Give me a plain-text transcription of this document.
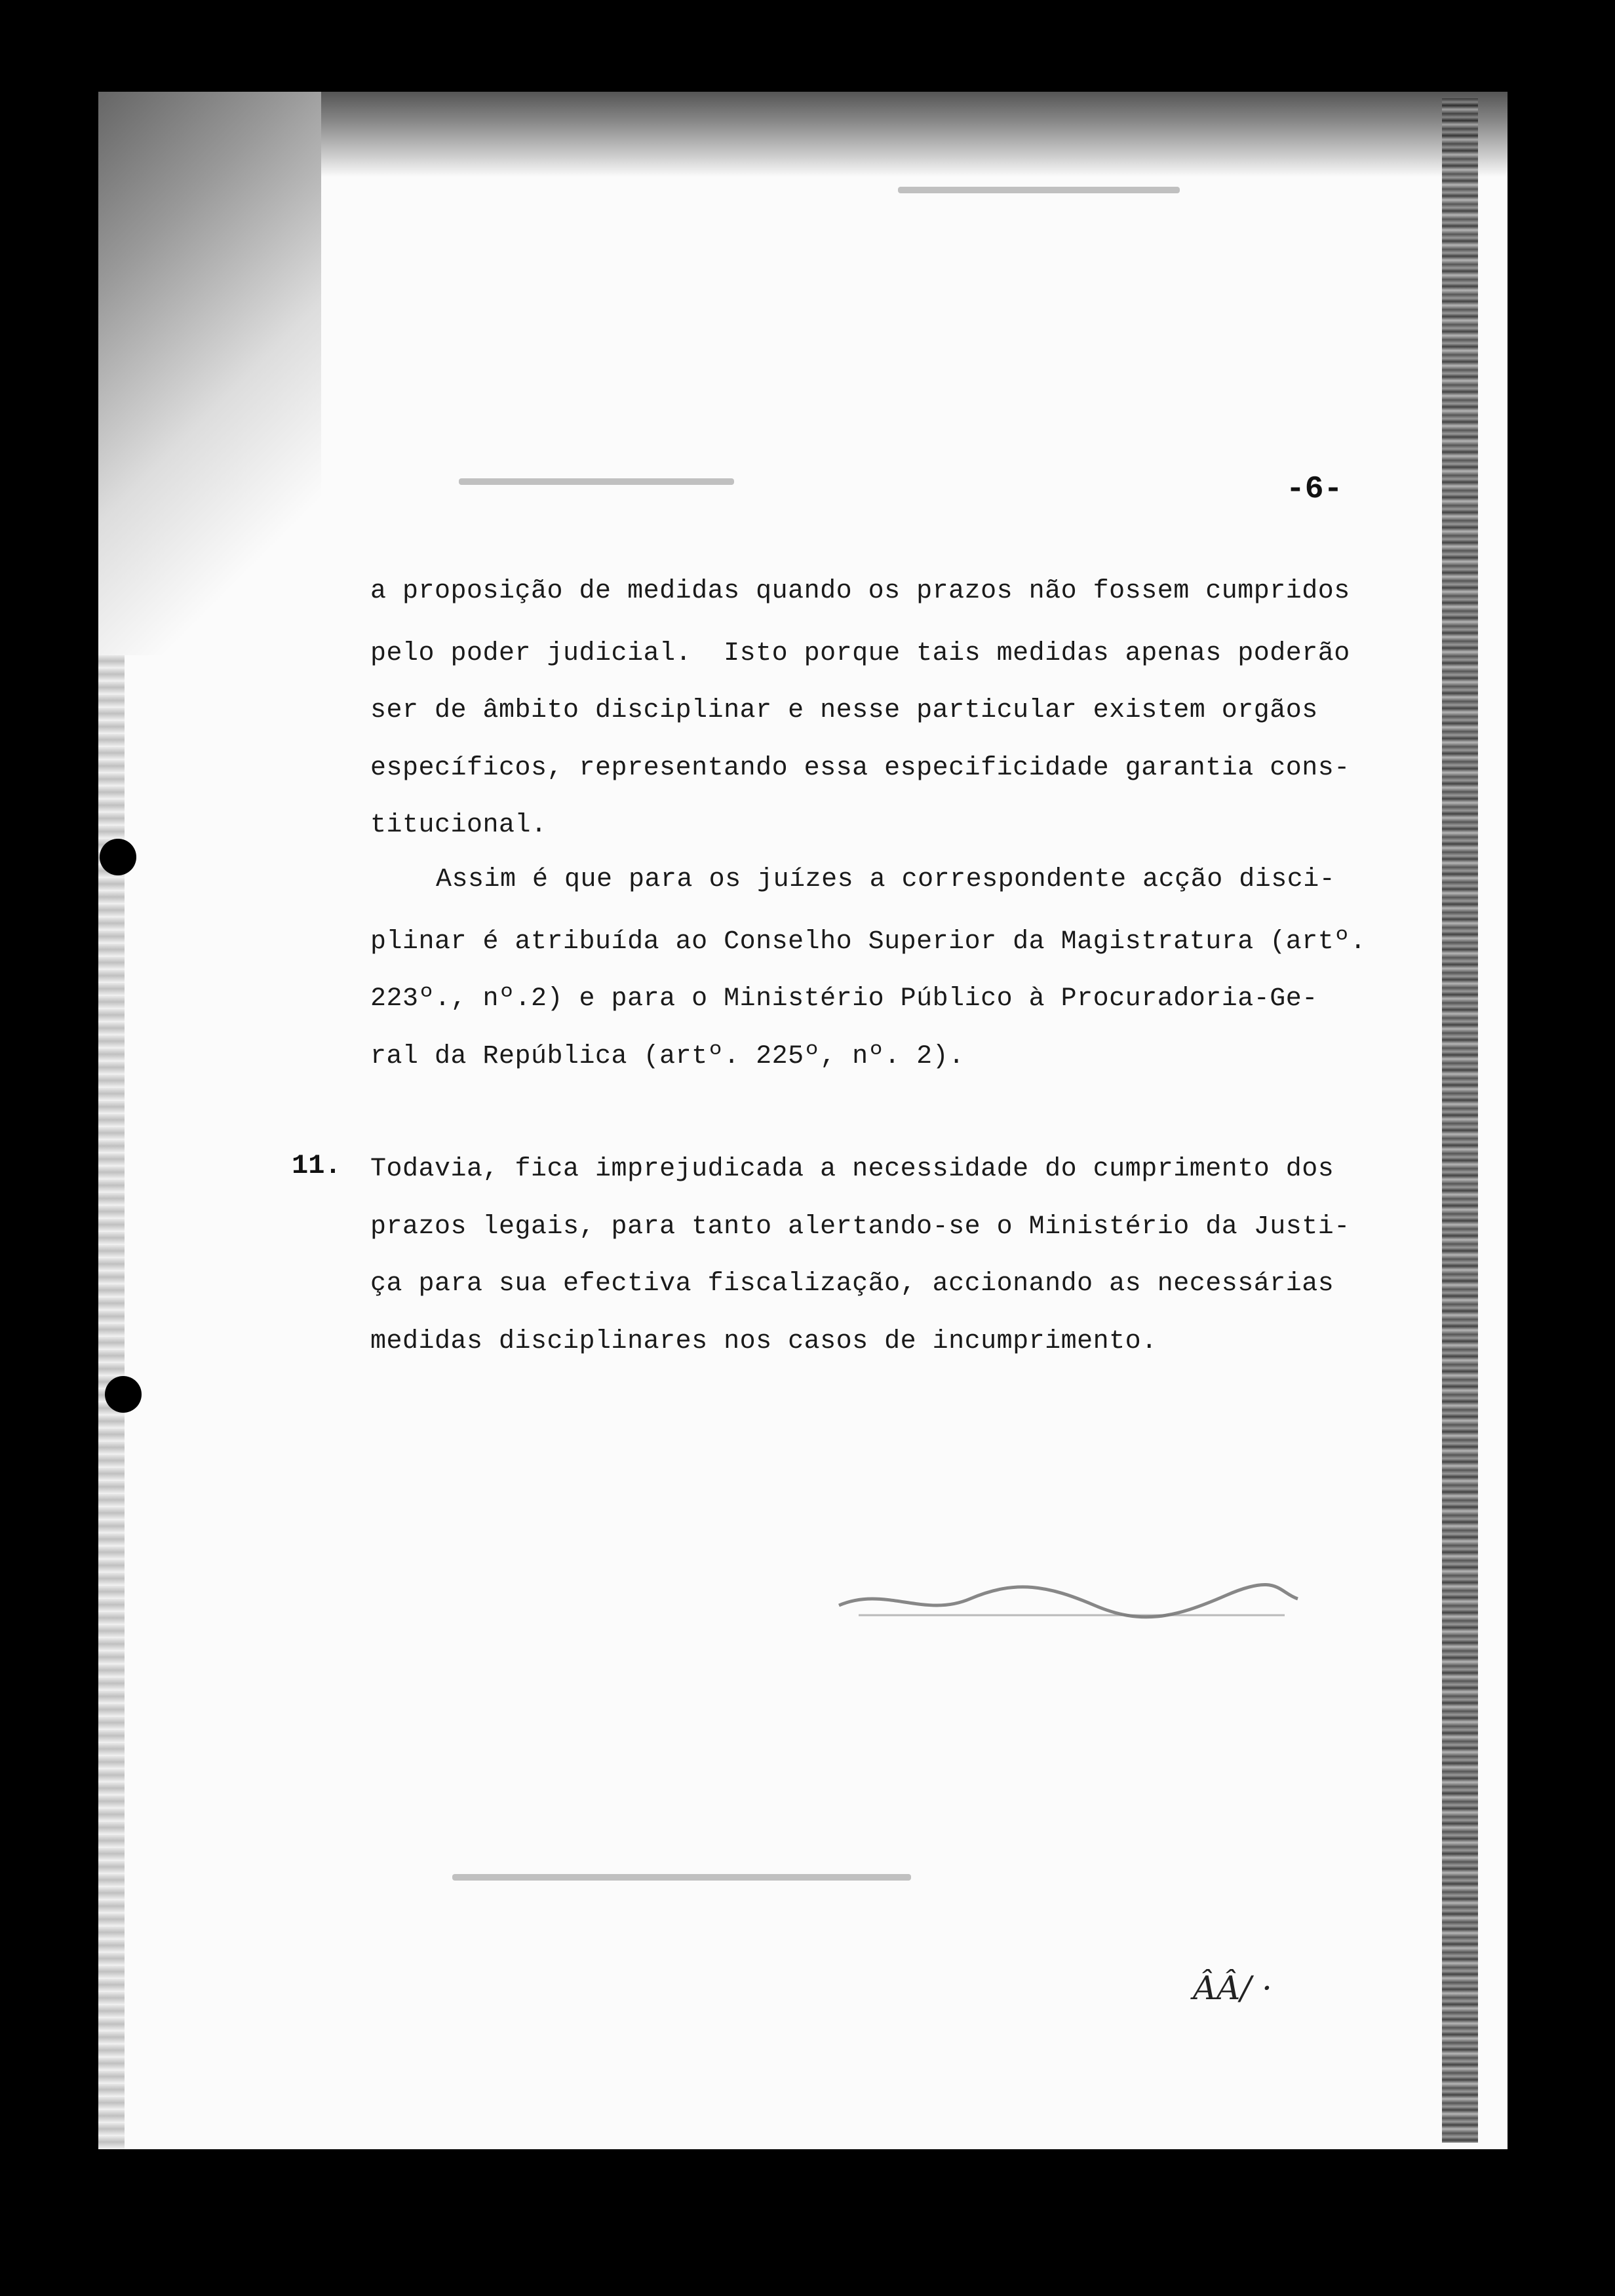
-6-
a proposição de medidas quando os prazos não fossem cumpridos
pelo poder judicial.  Isto porque tais medidas apenas poderão
ser de âmbito disciplinar e nesse particular existem orgãos
específicos, representando essa especificidade garantia cons-
titucional.
Assim é que para os juízes a correspondente acção disci-
plinar é atribuída ao Conselho Superior da Magistratura (artº.
223º., nº.2) e para o Ministério Público à Procuradoria-Ge-
ral da República (artº. 225º, nº. 2).
11. Todavia, fica imprejudicada a necessidade do cumprimento dos
prazos legais, para tanto alertando-se o Ministério da Justi-
ça para sua efectiva fiscalização, accionando as necessárias
medidas disciplinares nos casos de incumprimento.
ÂÂ/ ·
